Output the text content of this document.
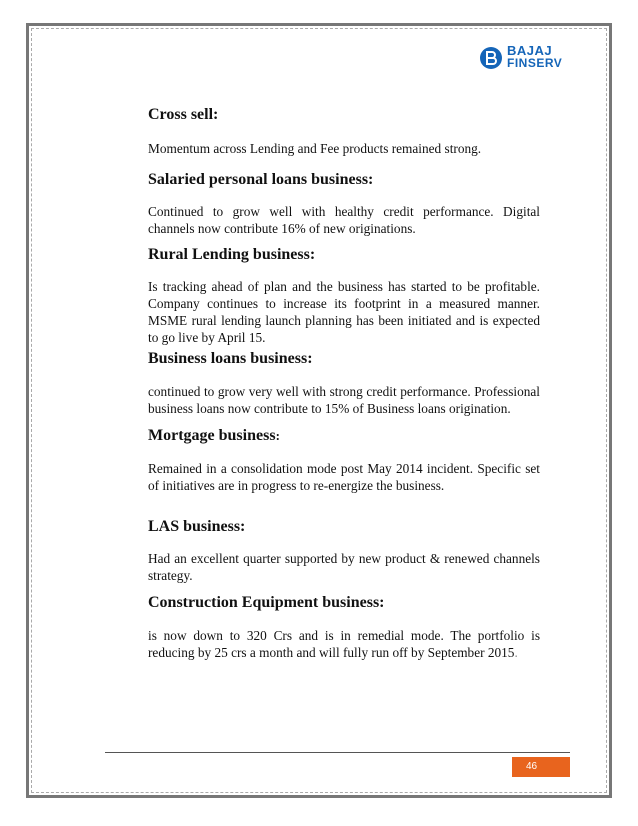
BAJAJ
FINSERV
Cross sell:
Momentum across Lending and Fee products remained strong.
Salaried personal loans business:
Continued to grow well with healthy credit performance. Digital channels now contribute 16% of new originations.
Rural Lending business:
Is tracking ahead of plan and the business has started to be profitable. Company continues to increase its footprint in a measured manner. MSME rural lending launch planning has been initiated and is expected to go live by April 15.
Business loans business:
continued to grow very well with strong credit performance. Professional business loans now contribute to 15% of Business loans origination.
Mortgage business:
Remained in a consolidation mode post May 2014 incident. Specific set of initiatives are in progress to re-energize the business.
LAS business:
Had an excellent quarter supported by new product & renewed channels strategy.
Construction Equipment business:
is now down to 320 Crs and is in remedial mode. The portfolio is reducing by 25 crs a month and will fully run off by September 2015.
46
